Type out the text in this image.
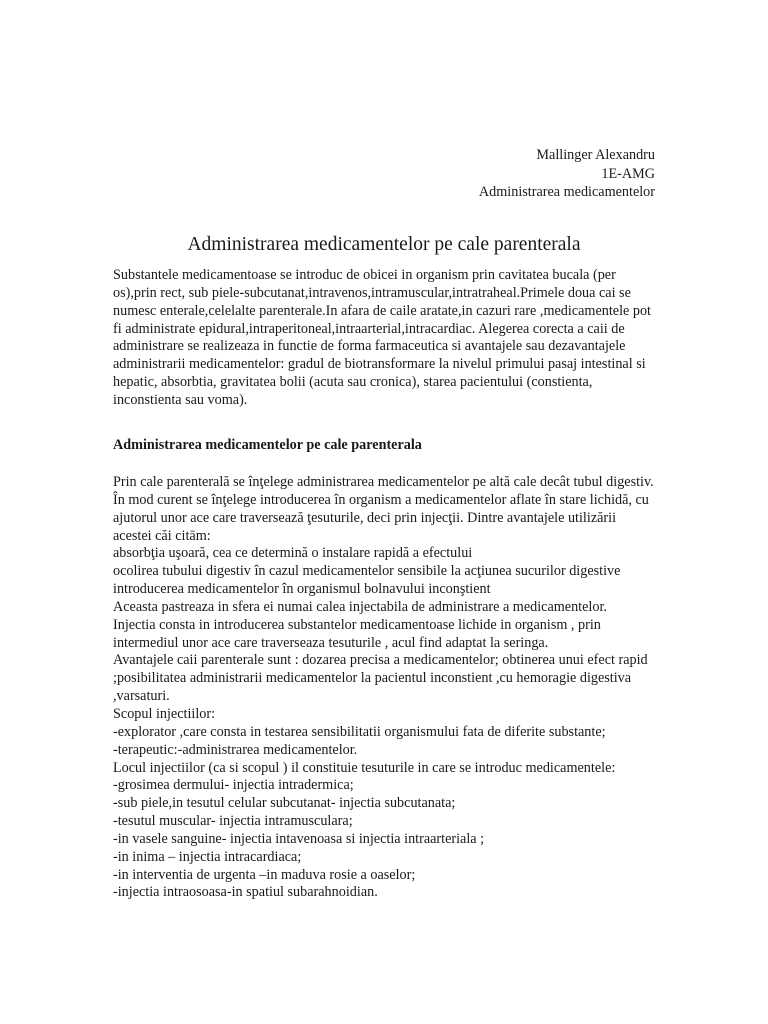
Mallinger Alexandru
1E-AMG
Administrarea medicamentelor
Administrarea medicamentelor pe cale parenterala

Substantele medicamentoase se introduc de obicei in organism prin cavitatea bucala (per os),prin rect, sub piele-subcutanat,intravenos,intramuscular,intratraheal.Primele doua cai se numesc enterale,celelalte parenterale.In afara de caile aratate,in cazuri rare ,medicamentele pot fi administrate epidural,intraperitoneal,intraarterial,intracardiac. Alegerea corecta a caii de administrare se realizeaza in functie de forma farmaceutica si avantajele sau dezavantajele administrarii medicamentelor: gradul de biotransformare la nivelul primului pasaj intestinal si hepatic, absorbtia, gravitatea bolii (acuta sau cronica), starea pacientului (constienta, inconstienta sau voma).

Administrarea medicamentelor pe cale parenterala

Prin cale parenterală se înţelege administrarea medicamentelor pe altă cale decât tubul digestiv. În mod curent se înţelege introducerea în organism a medicamentelor aflate în stare lichidă, cu ajutorul unor ace care traversează ţesuturile, deci prin injecţii. Dintre avantajele utilizării acestei căi citām:

absorbţia uşoară, cea ce determină o instalare rapidă a efectului

ocolirea tubului digestiv în cazul medicamentelor sensibile la acţiunea sucurilor digestive

introducerea medicamentelor în organismul bolnavului inconştient

Aceasta pastreaza in sfera ei numai calea injectabila de administrare a medicamentelor.

Injectia consta in introducerea substantelor medicamentoase lichide in organism , prin intermediul unor ace care traverseaza tesuturile , acul find adaptat la seringa.

Avantajele caii parenterale sunt : dozarea precisa a medicamentelor; obtinerea unui efect rapid ;posibilitatea administrarii medicamentelor la pacientul inconstient ,cu hemoragie digestiva ,varsaturi.

Scopul injectiilor:

-explorator ,care consta in testarea sensibilitatii organismului fata de diferite substante;

-terapeutic:-administrarea medicamentelor.

Locul injectiilor (ca si scopul ) il constituie tesuturile in care se introduc medicamentele:

-grosimea dermului- injectia intradermica;

-sub piele,in tesutul celular subcutanat- injectia subcutanata;

-tesutul muscular- injectia intramusculara;

-in vasele sanguine- injectia intavenoasa si injectia intraarteriala ;

-in inima – injectia intracardiaca;

-in interventia de urgenta –in maduva rosie a oaselor;

-injectia intraosoasa-in spatiul subarahnoidian.
